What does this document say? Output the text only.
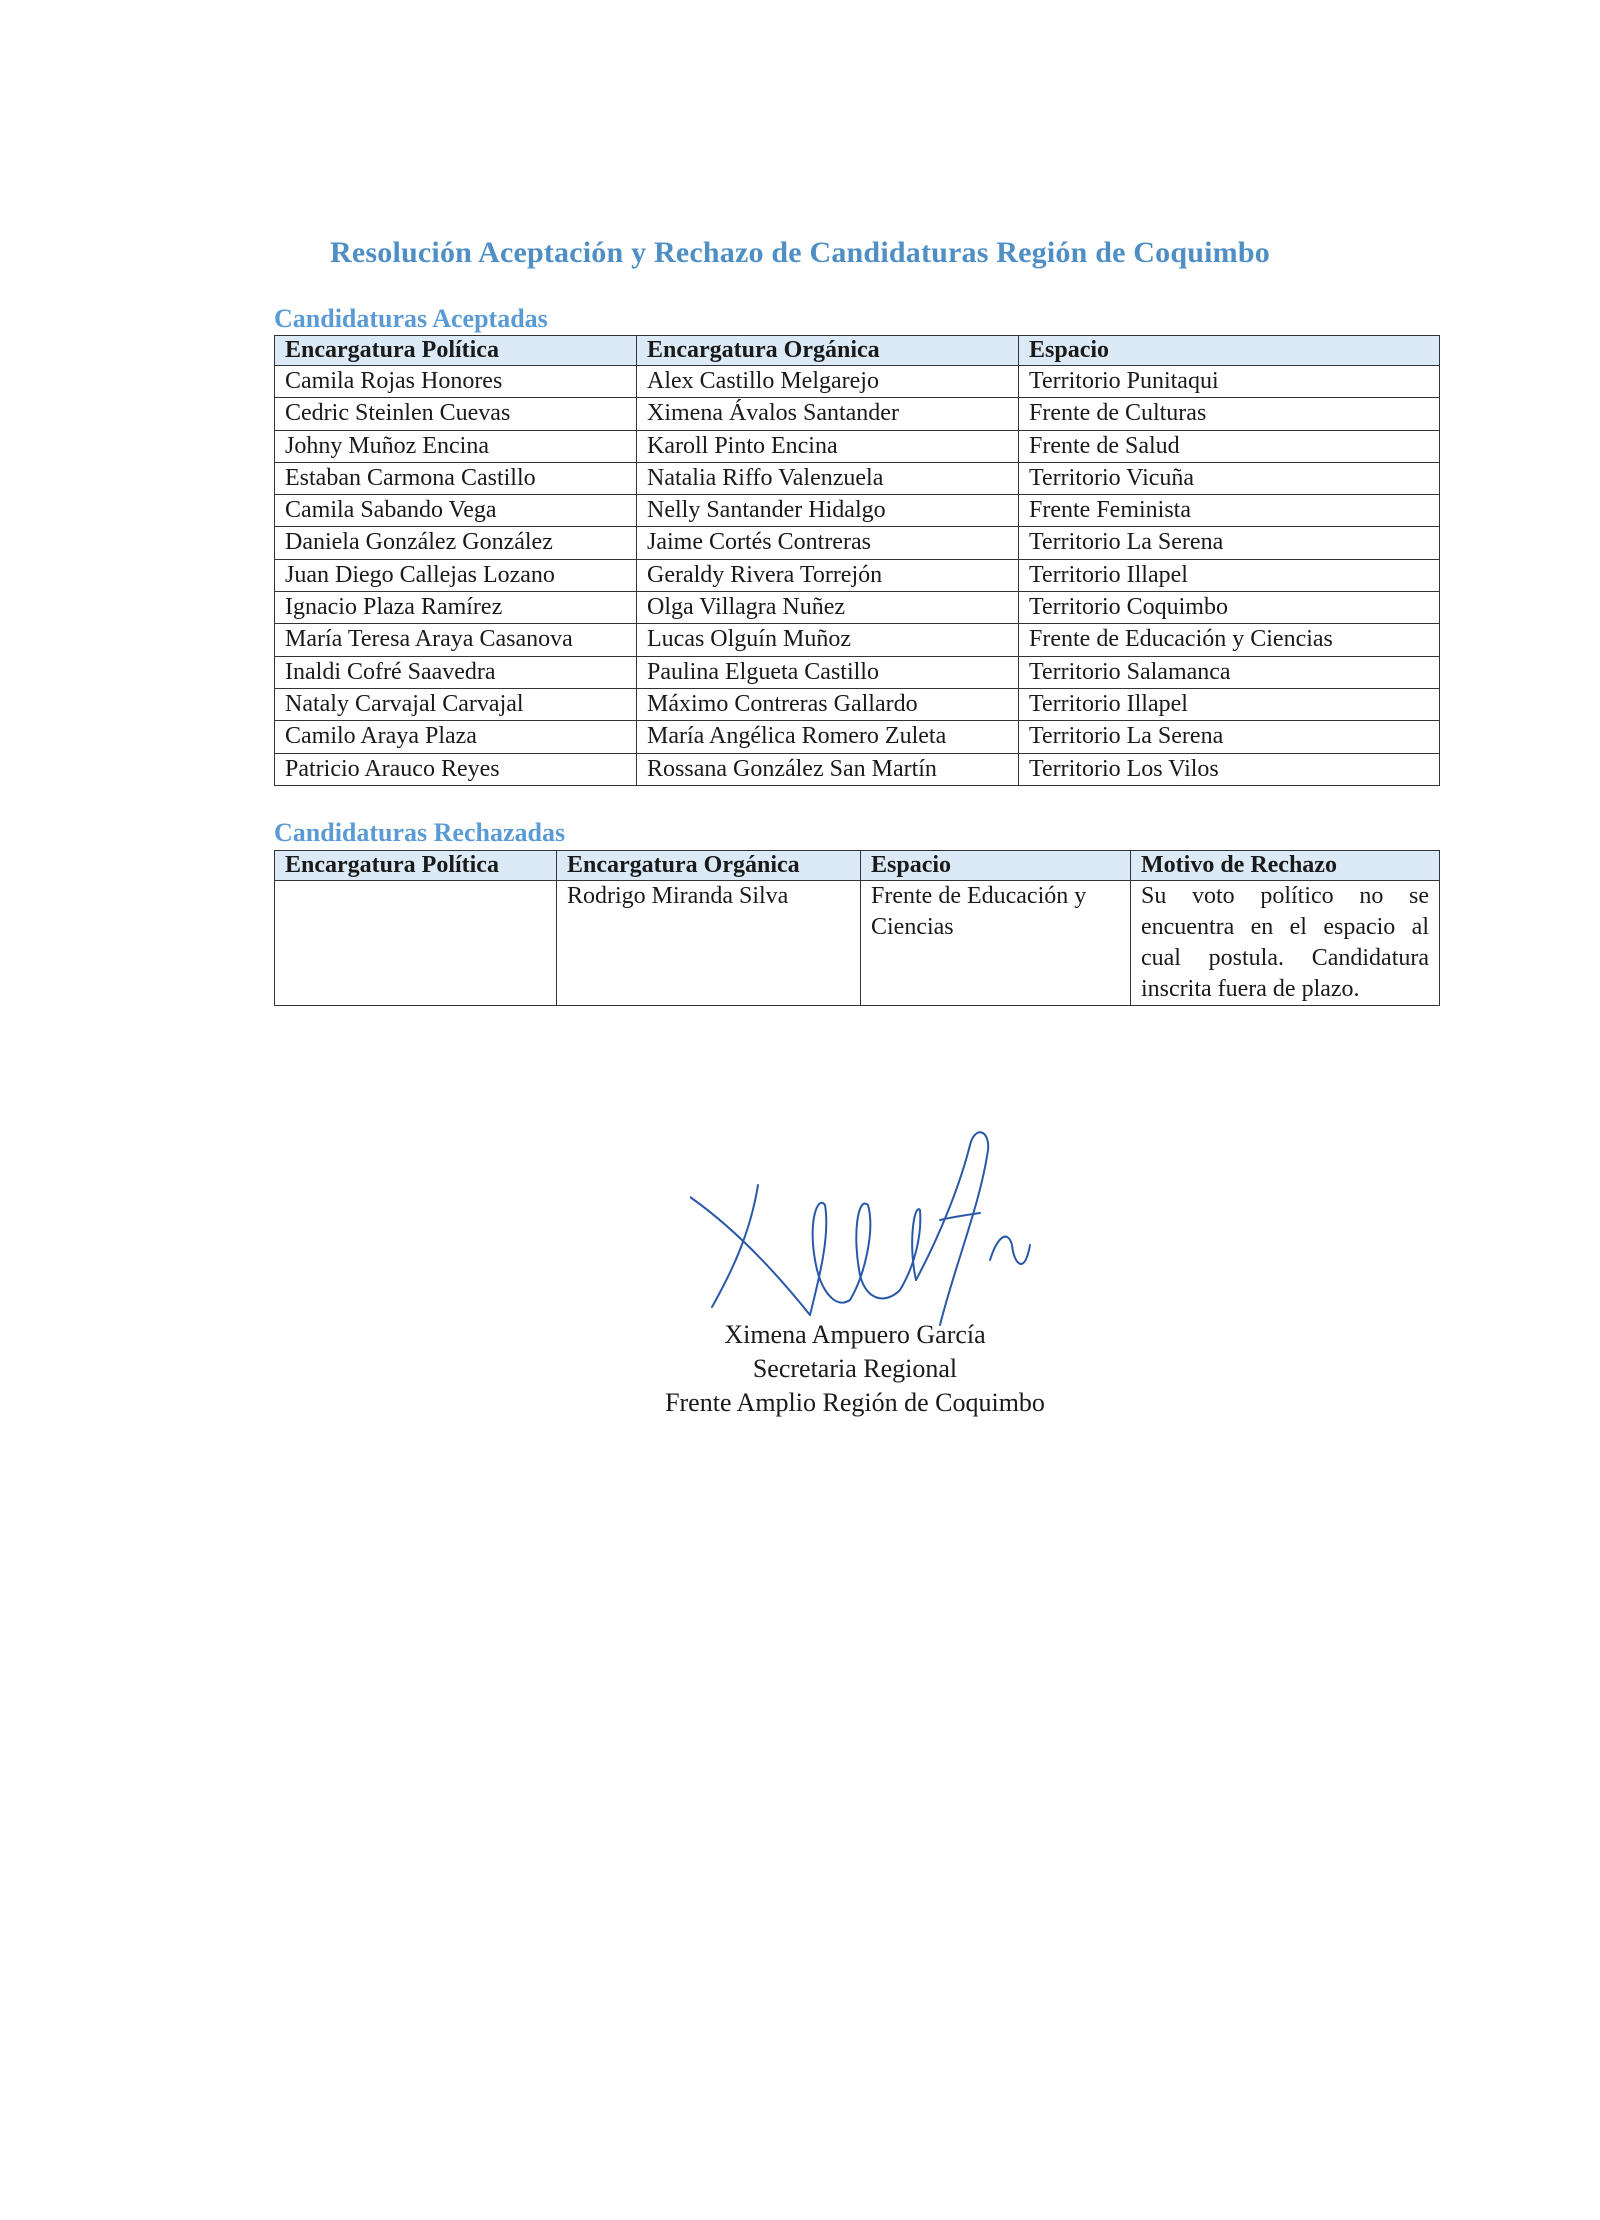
Resolución Aceptación y Rechazo de Candidaturas Región de Coquimbo
Candidaturas Aceptadas
Encargatura Política	Encargatura Orgánica	Espacio
Camila Rojas Honores	Alex Castillo Melgarejo	Territorio Punitaqui
Cedric Steinlen Cuevas	Ximena Ávalos Santander	Frente de Culturas
Johny Muñoz Encina	Karoll Pinto Encina	Frente de Salud
Estaban Carmona Castillo	Natalia Riffo Valenzuela	Territorio Vicuña
Camila Sabando Vega	Nelly Santander Hidalgo	Frente Feminista
Daniela González González	Jaime Cortés Contreras	Territorio La Serena
Juan Diego Callejas Lozano	Geraldy Rivera Torrejón	Territorio Illapel
Ignacio Plaza Ramírez	Olga Villagra Nuñez	Territorio Coquimbo
María Teresa Araya Casanova	Lucas Olguín Muñoz	Frente de Educación y Ciencias
Inaldi Cofré Saavedra	Paulina Elgueta Castillo	Territorio Salamanca
Nataly Carvajal Carvajal	Máximo Contreras Gallardo	Territorio Illapel
Camilo Araya Plaza	María Angélica Romero Zuleta	Territorio La Serena
Patricio Arauco Reyes	Rossana González San Martín	Territorio Los Vilos
Candidaturas Rechazadas
Encargatura Política	Encargatura Orgánica	Espacio	Motivo de Rechazo
	Rodrigo Miranda Silva	Frente de Educación y Ciencias	Su voto político no se encuentra en el espacio al cual postula. Candidatura inscrita fuera de plazo.
Ximena Ampuero García
Secretaria Regional
Frente Amplio Región de Coquimbo
